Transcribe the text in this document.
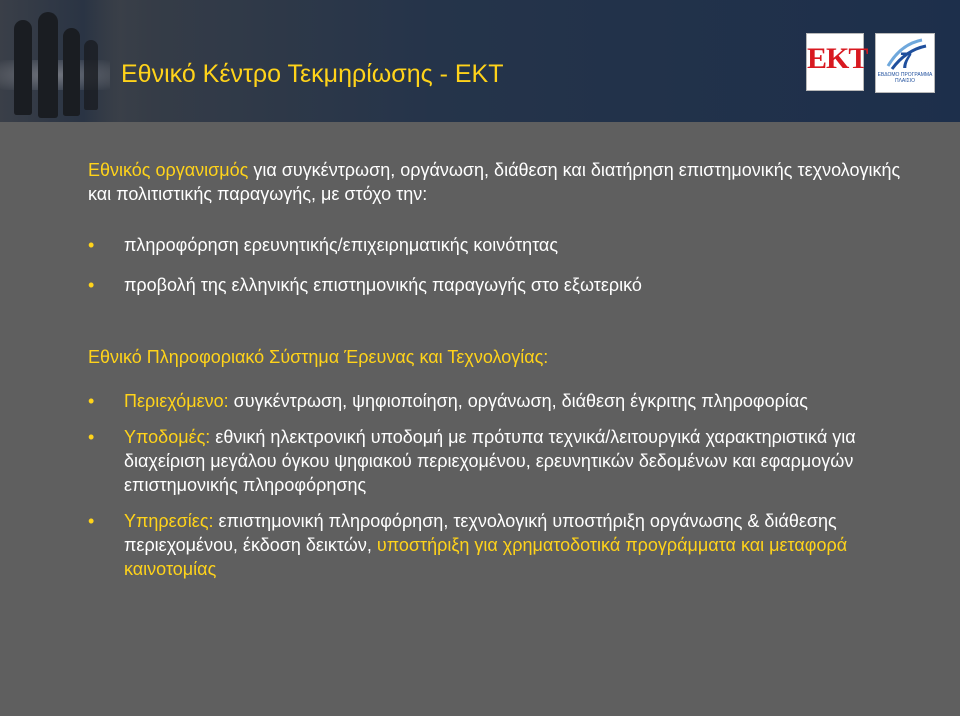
Εθνικό Κέντρο Τεκμηρίωσης - ΕΚΤ	ΕΚΤ 7
ΕΒΔΟΜΟ ΠΡΟΓΡΑΜΜΑ ΠΛΑΙΣΙΟ

Εθνικός οργανισμός για συγκέντρωση, οργάνωση, διάθεση και διατήρηση επιστημονικής τεχνολογικής και πολιτιστικής παραγωγής, με στόχο την:

• πληροφόρηση ερευνητικής/επιχειρηματικής κοινότητας
• προβολή της ελληνικής επιστημονικής παραγωγής στο εξωτερικό

Εθνικό Πληροφοριακό Σύστημα Έρευνας και Τεχνολογίας:

• Περιεχόμενο: συγκέντρωση, ψηφιοποίηση, οργάνωση, διάθεση έγκριτης πληροφορίας
• Υποδομές: εθνική ηλεκτρονική υποδομή με πρότυπα τεχνικά/λειτουργικά χαρακτηριστικά για διαχείριση μεγάλου όγκου ψηφιακού περιεχομένου, ερευνητικών δεδομένων και εφαρμογών επιστημονικής πληροφόρησης
• Υπηρεσίες: επιστημονική πληροφόρηση, τεχνολογική υποστήριξη οργάνωσης & διάθεσης περιεχομένου, έκδοση δεικτών, υποστήριξη για χρηματοδοτικά προγράμματα και μεταφορά καινοτομίας
